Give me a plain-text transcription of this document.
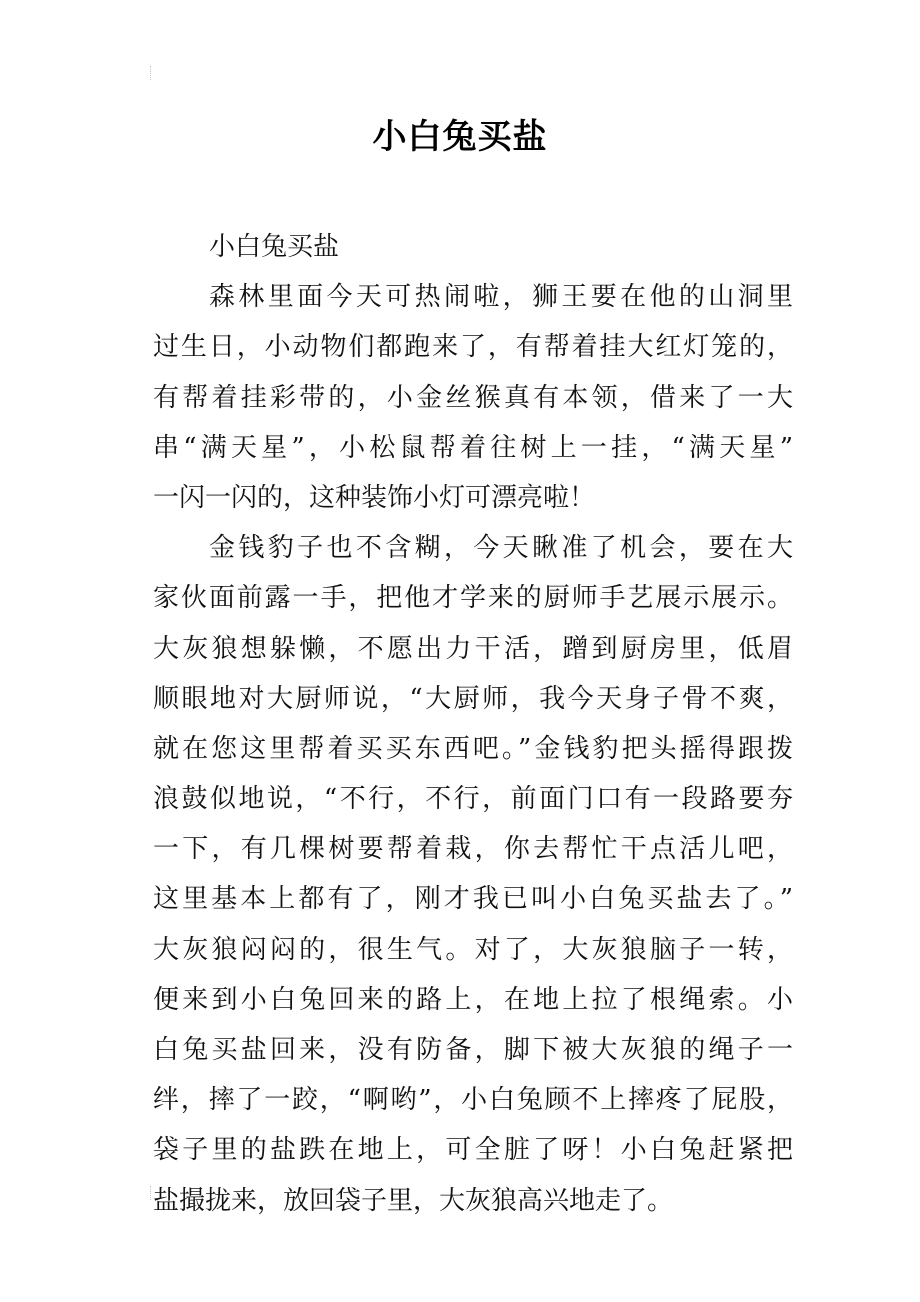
小白兔买盐
小白兔买盐
森林里面今天可热闹啦，狮王要在他的山洞里
过生日，小动物们都跑来了，有帮着挂大红灯笼的，
有帮着挂彩带的，小金丝猴真有本领，借来了一大
串“满天星”，小松鼠帮着往树上一挂，“满天星”
一闪一闪的，这种装饰小灯可漂亮啦！
金钱豹子也不含糊，今天瞅准了机会，要在大
家伙面前露一手，把他才学来的厨师手艺展示展示。
大灰狼想躲懒，不愿出力干活，蹭到厨房里，低眉
顺眼地对大厨师说，“大厨师，我今天身子骨不爽，
就在您这里帮着买买东西吧。”金钱豹把头摇得跟拨
浪鼓似地说，“不行，不行，前面门口有一段路要夯
一下，有几棵树要帮着栽，你去帮忙干点活儿吧，
这里基本上都有了，刚才我已叫小白兔买盐去了。”
大灰狼闷闷的，很生气。对了，大灰狼脑子一转，
便来到小白兔回来的路上，在地上拉了根绳索。小
白兔买盐回来，没有防备，脚下被大灰狼的绳子一
绊，摔了一跤，“啊哟”，小白兔顾不上摔疼了屁股，
袋子里的盐跌在地上，可全脏了呀！小白兔赶紧把
盐撮拢来，放回袋子里，大灰狼高兴地走了。
